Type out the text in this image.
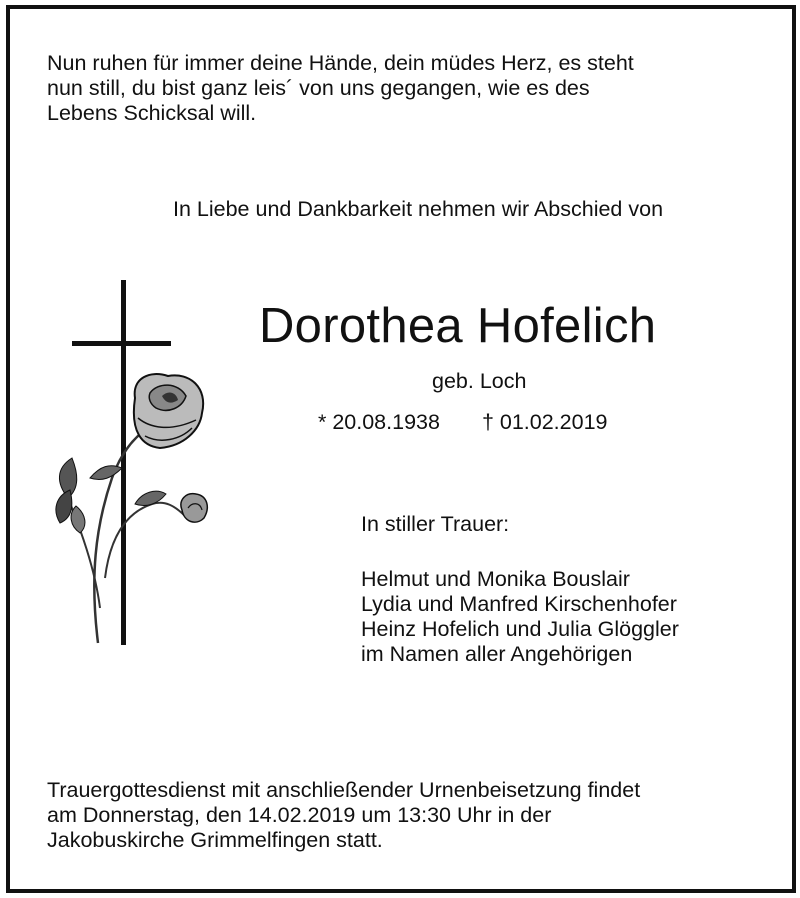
Nun ruhen für immer deine Hände, dein müdes Herz, es steht
nun still, du bist ganz leis´ von uns gegangen, wie es des
Lebens Schicksal will.
In Liebe und Dankbarkeit nehmen wir Abschied von
Dorothea Hofelich
geb. Loch
* 20.08.1938 † 01.02.2019
In stiller Trauer:
Helmut und Monika Bouslair
Lydia und Manfred Kirschenhofer
Heinz Hofelich und Julia Glöggler
im Namen aller Angehörigen
Trauergottesdienst mit anschließender Urnenbeisetzung findet
am Donnerstag, den 14.02.2019 um 13:30 Uhr in der
Jakobuskirche Grimmelfingen statt.
